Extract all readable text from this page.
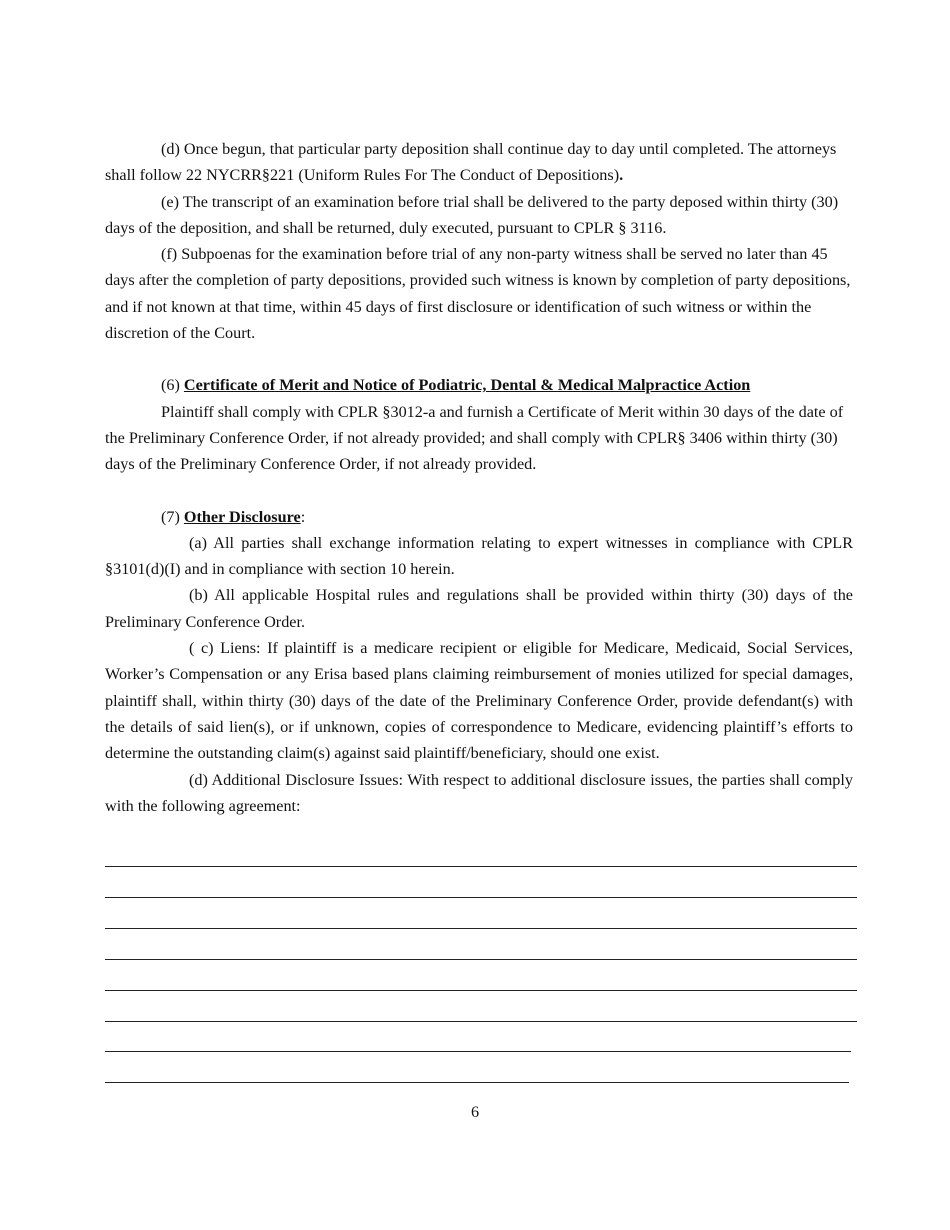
(d) Once begun, that particular party deposition shall continue day to day until completed. The attorneys shall follow 22 NYCRR§221 (Uniform Rules For The Conduct of Depositions).

(e) The transcript of an examination before trial shall be delivered to the party deposed within thirty (30) days of the deposition, and shall be returned, duly executed, pursuant to CPLR § 3116.

(f) Subpoenas for the examination before trial of any non-party witness shall be served no later than 45 days after the completion of party depositions, provided such witness is known by completion of party depositions, and if not known at that time, within 45 days of first disclosure or identification of such witness or within the discretion of the Court.

(6) Certificate of Merit and Notice of Podiatric, Dental & Medical Malpractice Action

Plaintiff shall comply with CPLR §3012-a and furnish a Certificate of Merit within 30 days of the date of the Preliminary Conference Order, if not already provided; and shall comply with CPLR§ 3406 within thirty (30) days of the Preliminary Conference Order, if not already provided.

(7) Other Disclosure:

(a) All parties shall exchange information relating to expert witnesses in compliance with CPLR §3101(d)(I) and in compliance with section 10 herein.

(b) All applicable Hospital rules and regulations shall be provided within thirty (30) days of the Preliminary Conference Order.

( c) Liens: If plaintiff is a medicare recipient or eligible for Medicare, Medicaid, Social Services, Worker’s Compensation or any Erisa based plans claiming reimbursement of monies utilized for special damages, plaintiff shall, within thirty (30) days of the date of the Preliminary Conference Order, provide defendant(s) with the details of said lien(s), or if unknown, copies of correspondence to Medicare, evidencing plaintiff’s efforts to determine the outstanding claim(s) against said plaintiff/beneficiary, should one exist.

(d) Additional Disclosure Issues: With respect to additional disclosure issues, the parties shall comply with the following agreement:

6
